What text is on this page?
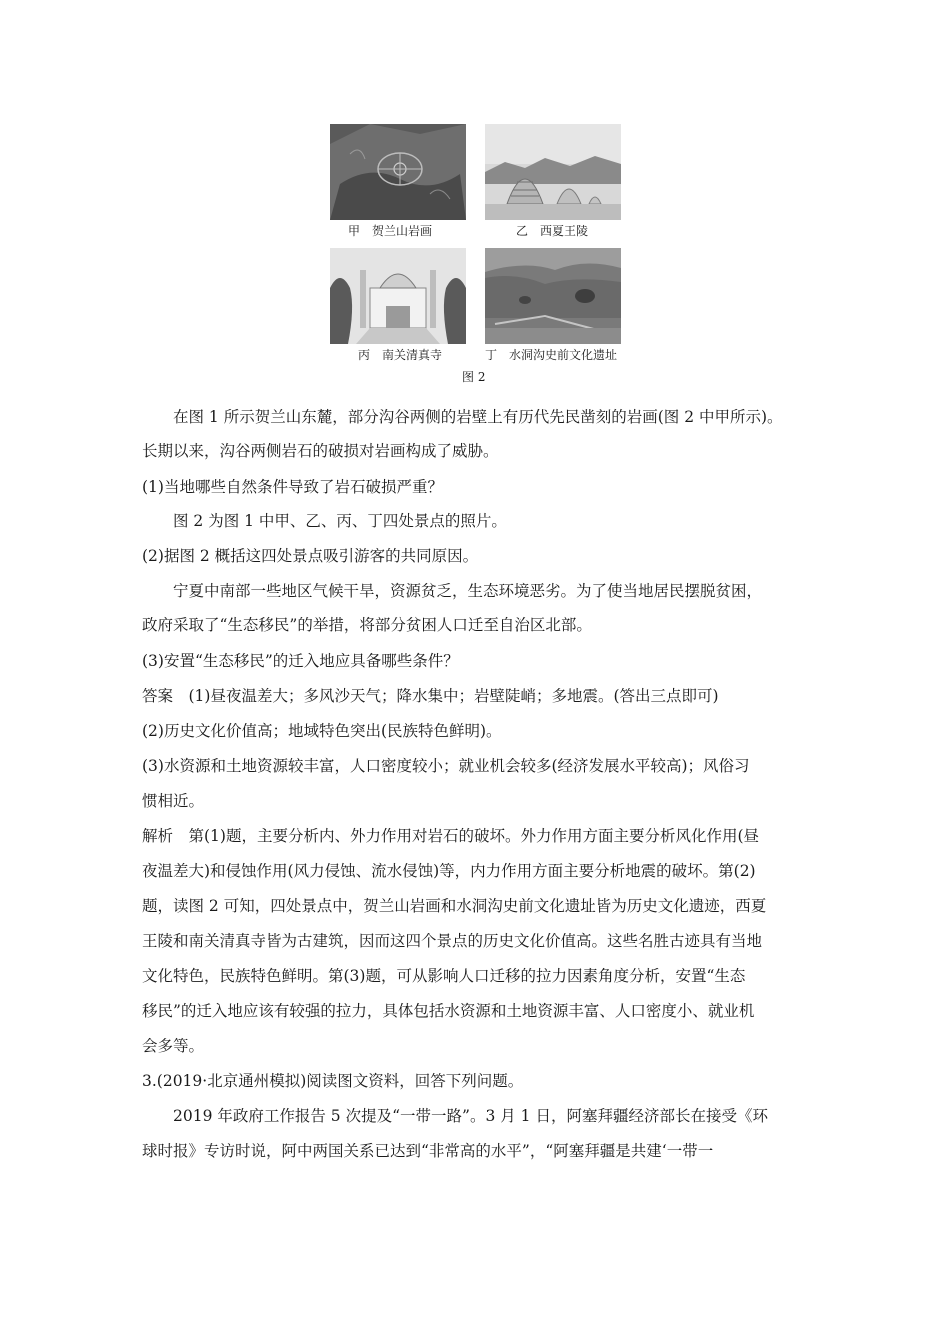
甲　贺兰山岩画	乙　西夏王陵
丙　南关清真寺	丁　水洞沟史前文化遗址
图 2
在图 1 所示贺兰山东麓，部分沟谷两侧的岩壁上有历代先民凿刻的岩画(图 2 中甲所示)。
长期以来，沟谷两侧岩石的破损对岩画构成了威胁。
(1)当地哪些自然条件导致了岩石破损严重？
图 2 为图 1 中甲、乙、丙、丁四处景点的照片。
(2)据图 2 概括这四处景点吸引游客的共同原因。
宁夏中南部一些地区气候干旱，资源贫乏，生态环境恶劣。为了使当地居民摆脱贫困，
政府采取了“生态移民”的举措，将部分贫困人口迁至自治区北部。
(3)安置“生态移民”的迁入地应具备哪些条件？
答案　(1)昼夜温差大；多风沙天气；降水集中；岩壁陡峭；多地震。(答出三点即可)
(2)历史文化价值高；地域特色突出(民族特色鲜明)。
(3)水资源和土地资源较丰富，人口密度较小；就业机会较多(经济发展水平较高)；风俗习
惯相近。
解析　第(1)题，主要分析内、外力作用对岩石的破坏。外力作用方面主要分析风化作用(昼
夜温差大)和侵蚀作用(风力侵蚀、流水侵蚀)等，内力作用方面主要分析地震的破坏。第(2)
题，读图 2 可知，四处景点中，贺兰山岩画和水洞沟史前文化遗址皆为历史文化遗迹，西夏
王陵和南关清真寺皆为古建筑，因而这四个景点的历史文化价值高。这些名胜古迹具有当地
文化特色，民族特色鲜明。第(3)题，可从影响人口迁移的拉力因素角度分析，安置“生态
移民”的迁入地应该有较强的拉力，具体包括水资源和土地资源丰富、人口密度小、就业机
会多等。
3.(2019·北京通州模拟)阅读图文资料，回答下列问题。
2019 年政府工作报告 5 次提及“一带一路”。3 月 1 日，阿塞拜疆经济部长在接受《环
球时报》专访时说，阿中两国关系已达到“非常高的水平”，“阿塞拜疆是共建‘一带一
